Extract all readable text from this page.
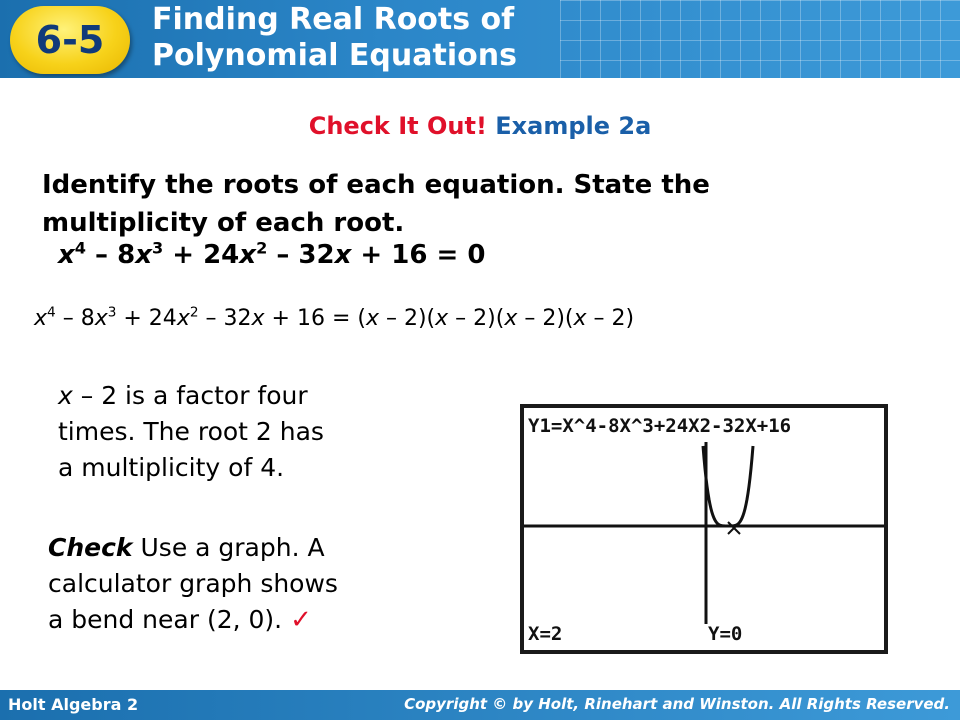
6-5 Finding Real Roots of
Polynomial Equations
Check It Out! Example 2a
Identify the roots of each equation. State the
multiplicity of each root.
$x^4 - 8x^3 + 24x^2 - 32x + 16 = 0$
$x^4 - 8x^3 + 24x^2 - 32x + 16 = (x - 2)(x - 2)(x - 2)(x - 2)$
x – 2 is a factor four
times. The root 2 has
a multiplicity of 4.
Check Use a graph. A
calculator graph shows
a bend near (2, 0). ✓
Y1=X^4-8X^3+24X2-32X+16
X=2	Y=0
Holt Algebra 2	Copyright © by Holt, Rinehart and Winston. All Rights Reserved.
